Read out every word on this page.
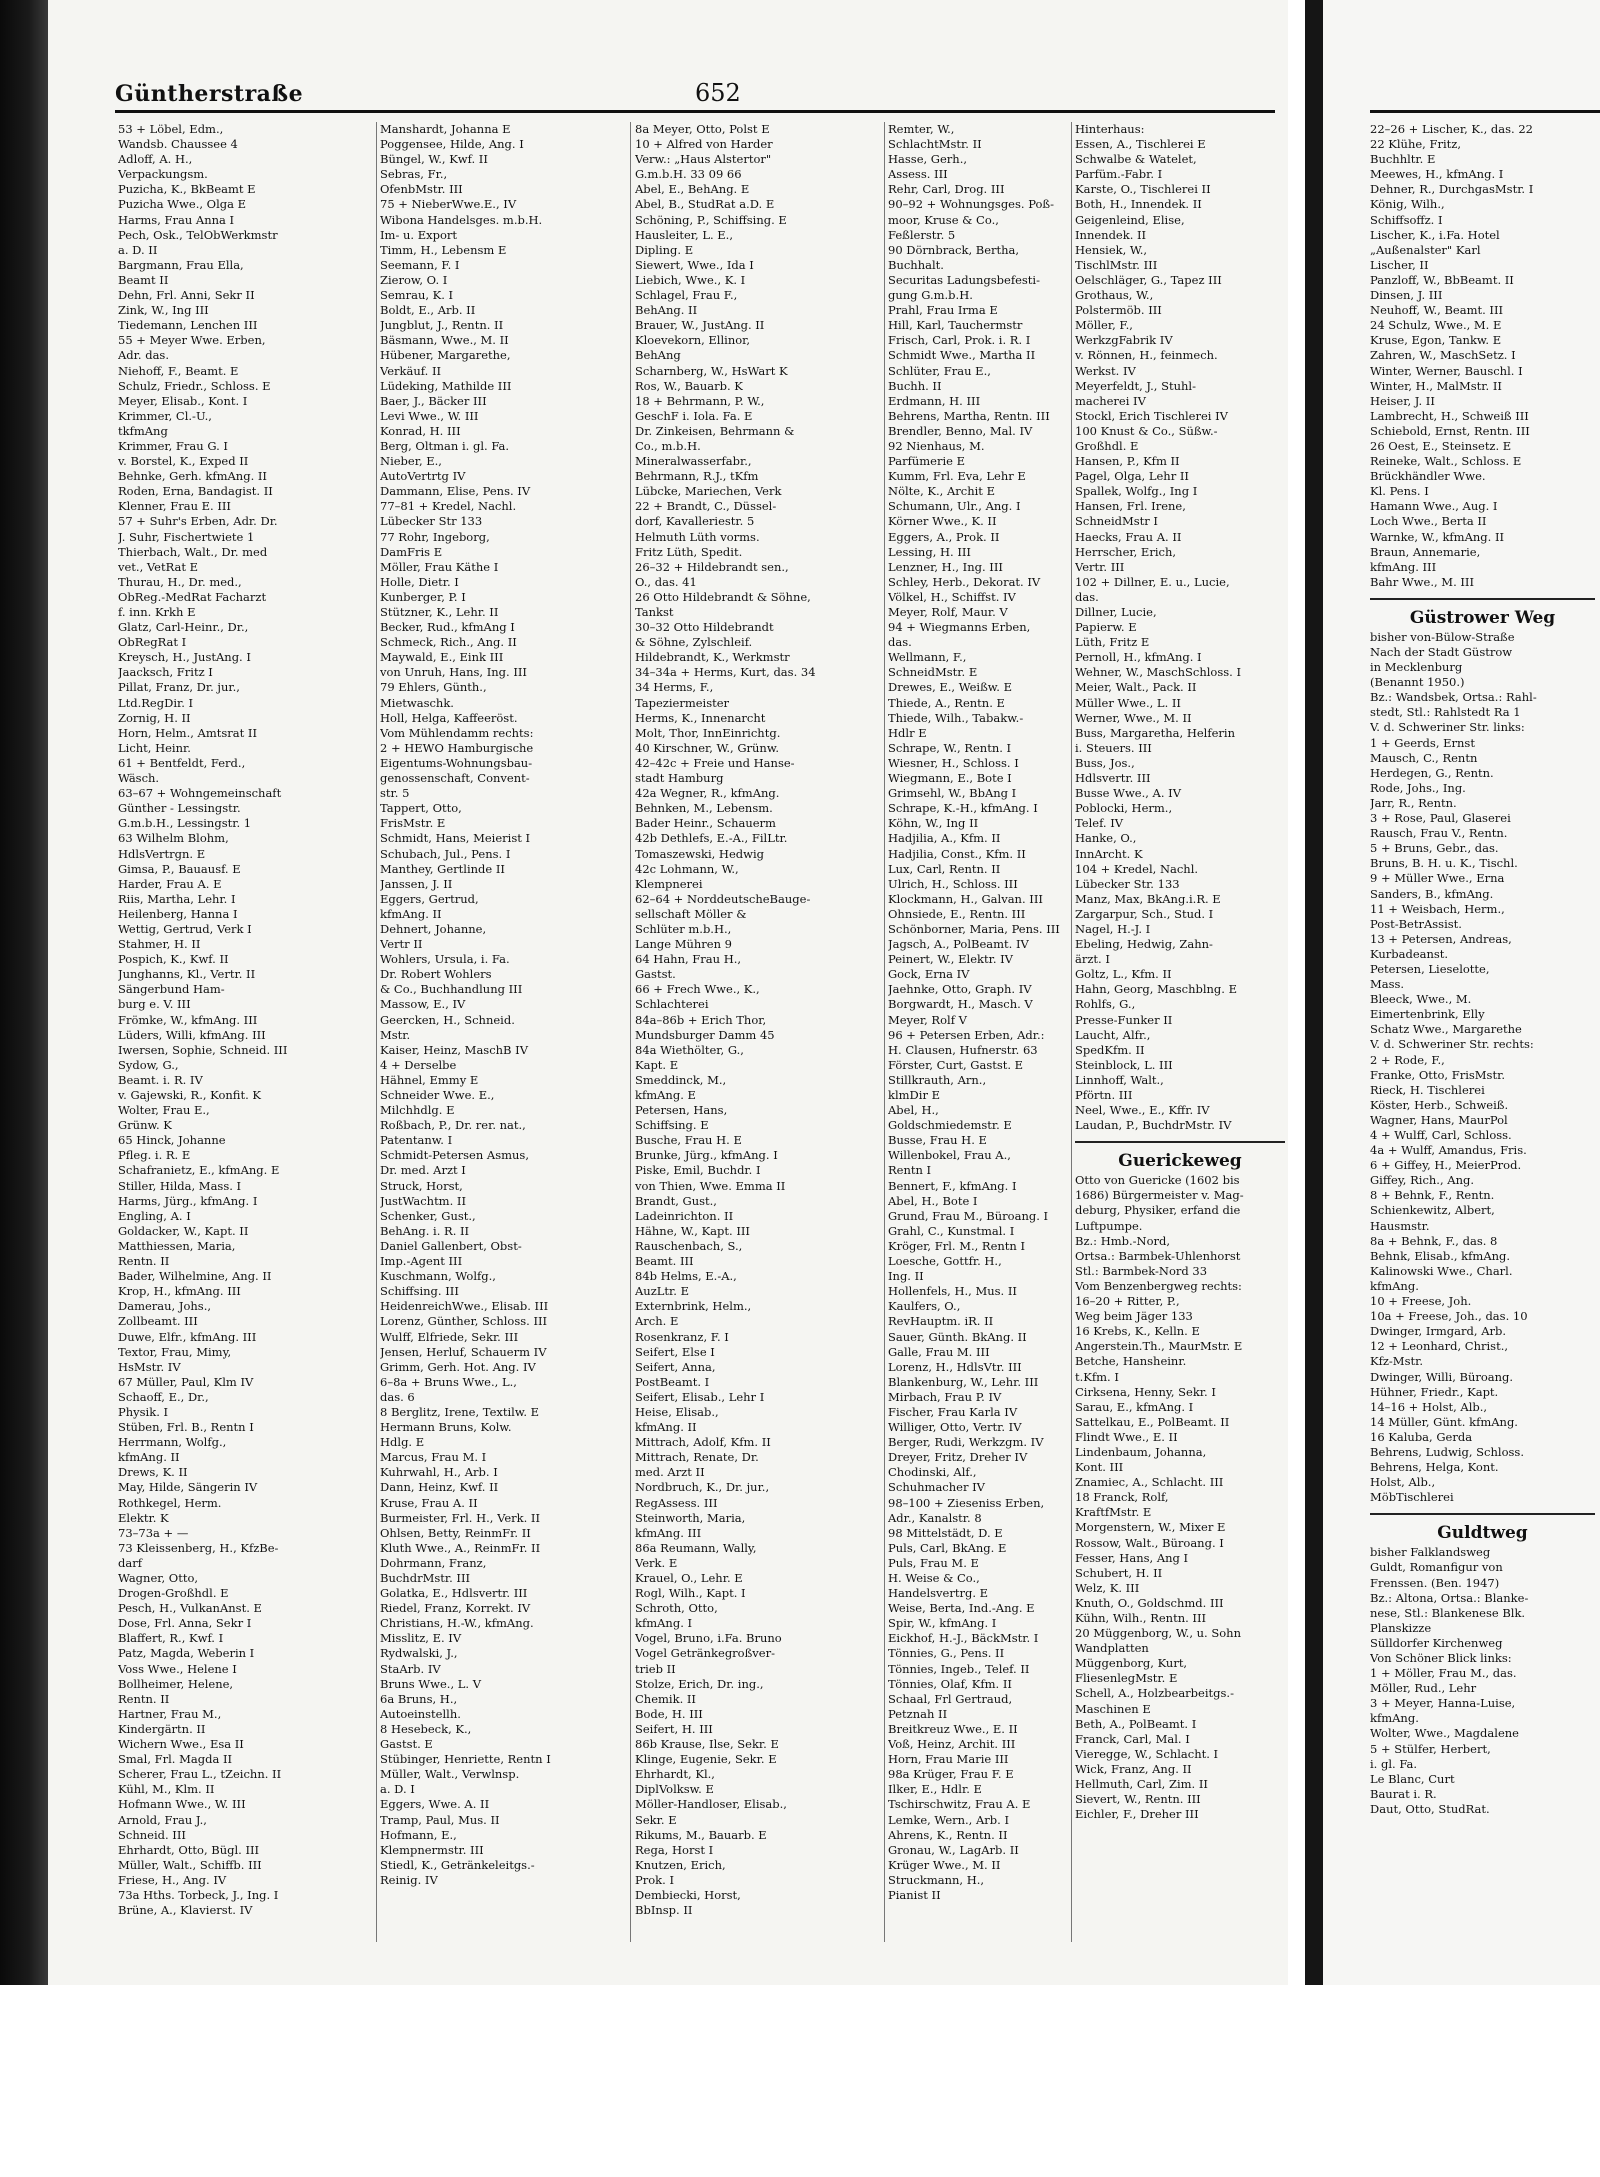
Güntherstraße	652
53 + Löbel, Edm.,
Wandsb. Chaussee 4
Adloff, A. H.,
Verpackungsm.
Puzicha, K., BkBeamt E
Puzicha Wwe., Olga E
Harms, Frau Anna I
Pech, Osk., TelObWerkmstr
a. D. II
Bargmann, Frau Ella,
Beamt II
Dehn, Frl. Anni, Sekr II
Zink, W., Ing III
Tiedemann, Lenchen III
55 + Meyer Wwe. Erben,
Adr. das.
Niehoff, F., Beamt. E
Schulz, Friedr., Schloss. E
Meyer, Elisab., Kont. I
Krimmer, Cl.-U.,
tkfmAng
Krimmer, Frau G. I
v. Borstel, K., Exped II
Behnke, Gerh. kfmAng. II
Roden, Erna, Bandagist. II
Klenner, Frau E. III
57 + Suhr's Erben, Adr. Dr.
J. Suhr, Fischertwiete 1
Thierbach, Walt., Dr. med
vet., VetRat E
Thurau, H., Dr. med.,
ObReg.-MedRat Facharzt
f. inn. Krkh E
Glatz, Carl-Heinr., Dr.,
ObRegRat I
Kreysch, H., JustAng. I
Jaacksch, Fritz I
Pillat, Franz, Dr. jur.,
Ltd.RegDir. I
Zornig, H. II
Horn, Helm., Amtsrat II
Licht, Heinr.
61 + Bentfeldt, Ferd.,
Wäsch.
63–67 + Wohngemeinschaft
Günther - Lessingstr.
G.m.b.H., Lessingstr. 1
63 Wilhelm Blohm,
HdlsVertrgn. E
Gimsa, P., Bauausf. E
Harder, Frau A. E
Riis, Martha, Lehr. I
Heilenberg, Hanna I
Wettig, Gertrud, Verk I
Stahmer, H. II
Pospich, K., Kwf. II
Junghanns, Kl., Vertr. II
Sängerbund Ham-
burg e. V. III
Frömke, W., kfmAng. III
Lüders, Willi, kfmAng. III
Iwersen, Sophie, Schneid. III
Sydow, G.,
Beamt. i. R. IV
v. Gajewski, R., Konfit. K
Wolter, Frau E.,
Grünw. K
65 Hinck, Johanne
Pfleg. i. R. E
Schafranietz, E., kfmAng. E
Stiller, Hilda, Mass. I
Harms, Jürg., kfmAng. I
Engling, A. I
Goldacker, W., Kapt. II
Matthiessen, Maria,
Rentn. II
Bader, Wilhelmine, Ang. II
Krop, H., kfmAng. III
Damerau, Johs.,
Zollbeamt. III
Duwe, Elfr., kfmAng. III
Textor, Frau, Mimy,
HsMstr. IV
67 Müller, Paul, Klm IV
Schaoff, E., Dr.,
Physik. I
Stüben, Frl. B., Rentn I
Herrmann, Wolfg.,
kfmAng. II
Drews, K. II
May, Hilde, Sängerin IV
Rothkegel, Herm.
Elektr. K
73–73a + —
73 Kleissenberg, H., KfzBe-
darf
Wagner, Otto,
Drogen-Großhdl. E
Pesch, H., VulkanAnst. E
Dose, Frl. Anna, Sekr I
Blaffert, R., Kwf. I
Patz, Magda, Weberin I
Voss Wwe., Helene I
Bollheimer, Helene,
Rentn. II
Hartner, Frau M.,
Kindergärtn. II
Wichern Wwe., Esa II
Smal, Frl. Magda II
Scherer, Frau L., tZeichn. II
Kühl, M., Klm. II
Hofmann Wwe., W. III
Arnold, Frau J.,
Schneid. III
Ehrhardt, Otto, Bügl. III
Müller, Walt., Schiffb. III
Friese, H., Ang. IV
73a Hths. Torbeck, J., Ing. I
Brüne, A., Klavierst. IV
Manshardt, Johanna E
Poggensee, Hilde, Ang. I
Büngel, W., Kwf. II
Sebras, Fr.,
OfenbMstr. III
75 + NieberWwe.E., IV
Wibona Handelsges. m.b.H.
Im- u. Export
Timm, H., Lebensm E
Seemann, F. I
Zierow, O. I
Semrau, K. I
Boldt, E., Arb. II
Jungblut, J., Rentn. II
Bäsmann, Wwe., M. II
Hübener, Margarethe,
Verkäuf. II
Lüdeking, Mathilde III
Baer, J., Bäcker III
Levi Wwe., W. III
Konrad, H. III
Berg, Oltman i. gl. Fa.
Nieber, E.,
AutoVertrtg IV
Dammann, Elise, Pens. IV
77–81 + Kredel, Nachl.
Lübecker Str 133
77 Rohr, Ingeborg,
DamFris E
Möller, Frau Käthe I
Holle, Dietr. I
Kunberger, P. I
Stützner, K., Lehr. II
Becker, Rud., kfmAng I
Schmeck, Rich., Ang. II
Maywald, E., Eink III
von Unruh, Hans, Ing. III
79 Ehlers, Günth.,
Mietwaschk.
Holl, Helga, Kaffeeröst.
Vom Mühlendamm rechts:
2 + HEWO Hamburgische
Eigentums-Wohnungsbau-
genossenschaft, Convent-
str. 5
Tappert, Otto,
FrisMstr. E
Schmidt, Hans, Meierist I
Schubach, Jul., Pens. I
Manthey, Gertlinde II
Janssen, J. II
Eggers, Gertrud,
kfmAng. II
Dehnert, Johanne,
Vertr II
Wohlers, Ursula, i. Fa.
Dr. Robert Wohlers
& Co., Buchhandlung III
Massow, E., IV
Geercken, H., Schneid.
Mstr.
Kaiser, Heinz, MaschB IV
4 + Derselbe
Hähnel, Emmy E
Schneider Wwe. E.,
Milchhdlg. E
Roßbach, P., Dr. rer. nat.,
Patentanw. I
Schmidt-Petersen Asmus,
Dr. med. Arzt I
Struck, Horst,
JustWachtm. II
Schenker, Gust.,
BehAng. i. R. II
Daniel Gallenbert, Obst-
Imp.-Agent III
Kuschmann, Wolfg.,
Schiffsing. III
HeidenreichWwe., Elisab. III
Lorenz, Günther, Schloss. III
Wulff, Elfriede, Sekr. III
Jensen, Herluf, Schauerm IV
Grimm, Gerh. Hot. Ang. IV
6–8a + Bruns Wwe., L.,
das. 6
8 Berglitz, Irene, Textilw. E
Hermann Bruns, Kolw.
Hdlg. E
Marcus, Frau M. I
Kuhrwahl, H., Arb. I
Dann, Heinz, Kwf. II
Kruse, Frau A. II
Burmeister, Frl. H., Verk. II
Ohlsen, Betty, ReinmFr. II
Kluth Wwe., A., ReinmFr. II
Dohrmann, Franz,
BuchdrMstr. III
Golatka, E., Hdlsvertr. III
Riedel, Franz, Korrekt. IV
Christians, H.-W., kfmAng.
Misslitz, E. IV
Rydwalski, J.,
StaArb. IV
Bruns Wwe., L. V
6a Bruns, H.,
Autoeinstellh.
8 Hesebeck, K.,
Gastst. E
Stübinger, Henriette, Rentn I
Müller, Walt., Verwlnsp.
a. D. I
Eggers, Wwe. A. II
Tramp, Paul, Mus. II
Hofmann, E.,
Klempnermstr. III
Stiedl, K., Getränkeleitgs.-
Reinig. IV
8a Meyer, Otto, Polst E
10 + Alfred von Harder
Verw.: „Haus Alstertor"
G.m.b.H. 33 09 66
Abel, E., BehAng. E
Abel, B., StudRat a.D. E
Schöning, P., Schiffsing. E
Hausleiter, L. E.,
Dipling. E
Siewert, Wwe., Ida I
Liebich, Wwe., K. I
Schlagel, Frau F.,
BehAng. II
Brauer, W., JustAng. II
Kloevekorn, Ellinor,
BehAng
Scharnberg, W., HsWart K
Ros, W., Bauarb. K
18 + Behrmann, P. W.,
GeschF i. Iola. Fa. E
Dr. Zinkeisen, Behrmann &
Co., m.b.H.
Mineralwasserfabr.,
Behrmann, R.J., tKfm
Lübcke, Mariechen, Verk
22 + Brandt, C., Düssel-
dorf, Kavalleriestr. 5
Helmuth Lüth vorms.
Fritz Lüth, Spedit.
26–32 + Hildebrandt sen.,
O., das. 41
26 Otto Hildebrandt & Söhne,
Tankst
30–32 Otto Hildebrandt
& Söhne, Zylschleif.
Hildebrandt, K., Werkmstr
34–34a + Herms, Kurt, das. 34
34 Herms, F.,
Tapeziermeister
Herms, K., Innenarcht
Molt, Thor, InnEinrichtg.
40 Kirschner, W., Grünw.
42–42c + Freie und Hanse-
stadt Hamburg
42a Wegner, R., kfmAng.
Behnken, M., Lebensm.
Bader Heinr., Schauerm
42b Dethlefs, E.-A., FilLtr.
Tomaszewski, Hedwig
42c Lohmann, W.,
Klempnerei
62–64 + NorddeutscheBauge-
sellschaft Möller &
Schlüter m.b.H.,
Lange Mühren 9
64 Hahn, Frau H.,
Gastst.
66 + Frech Wwe., K.,
Schlachterei
84a–86b + Erich Thor,
Mundsburger Damm 45
84a Wiethölter, G.,
Kapt. E
Smeddinck, M.,
kfmAng. E
Petersen, Hans,
Schiffsing. E
Busche, Frau H. E
Brunke, Jürg., kfmAng. I
Piske, Emil, Buchdr. I
von Thien, Wwe. Emma II
Brandt, Gust.,
Ladeinrichton. II
Hähne, W., Kapt. III
Rauschenbach, S.,
Beamt. III
84b Helms, E.-A.,
AuzLtr. E
Externbrink, Helm.,
Arch. E
Rosenkranz, F. I
Seifert, Else I
Seifert, Anna,
PostBeamt. I
Seifert, Elisab., Lehr I
Heise, Elisab.,
kfmAng. II
Mittrach, Adolf, Kfm. II
Mittrach, Renate, Dr.
med. Arzt II
Nordbruch, K., Dr. jur.,
RegAssess. III
Steinworth, Maria,
kfmAng. III
86a Reumann, Wally,
Verk. E
Krauel, O., Lehr. E
Rogl, Wilh., Kapt. I
Schroth, Otto,
kfmAng. I
Vogel, Bruno, i.Fa. Bruno
Vogel Getränkegroßver-
trieb II
Stolze, Erich, Dr. ing.,
Chemik. II
Bode, H. III
Seifert, H. III
86b Krause, Ilse, Sekr. E
Klinge, Eugenie, Sekr. E
Ehrhardt, Kl.,
DiplVolksw. E
Möller-Handloser, Elisab.,
Sekr. E
Rikums, M., Bauarb. E
Rega, Horst I
Knutzen, Erich,
Prok. I
Dembiecki, Horst,
BbInsp. II
22–26 + Lischer, K., das. 22
22 Klühe, Fritz,
Buchhltr. E
Meewes, H., kfmAng. I
Dehner, R., DurchgasMstr. I
König, Wilh.,
Schiffsoffz. I
Lischer, K., i.Fa. Hotel
„Außenalster" Karl
Lischer, II
Panzloff, W., BbBeamt. II
Dinsen, J. III
Neuhoff, W., Beamt. III
24 Schulz, Wwe., M. E
Kruse, Egon, Tankw. E
Zahren, W., MaschSetz. I
Winter, Werner, Bauschl. I
Winter, H., MalMstr. II
Heiser, J. II
Lambrecht, H., Schweiß III
Schiebold, Ernst, Rentn. III
26 Oest, E., Steinsetz. E
Reineke, Walt., Schloss. E
Brückhändler Wwe.
Kl. Pens. I
Hamann Wwe., Aug. I
Loch Wwe., Berta II
Warnke, W., kfmAng. II
Braun, Annemarie,
kfmAng. III
Bahr Wwe., M. III
Güstrower Weg
bisher von-Bülow-Straße
Nach der Stadt Güstrow
in Mecklenburg
(Benannt 1950.)
Bz.: Wandsbek, Ortsa.: Rahl-
stedt, Stl.: Rahlstedt Ra 1
V. d. Schweriner Str. links:
1 + Geerds, Ernst
Mausch, C., Rentn
Herdegen, G., Rentn.
Rode, Johs., Ing.
Jarr, R., Rentn.
3 + Rose, Paul, Glaserei
Rausch, Frau V., Rentn.
5 + Bruns, Gebr., das.
Bruns, B. H. u. K., Tischl.
9 + Müller Wwe., Erna
Sanders, B., kfmAng.
11 + Weisbach, Herm.,
Post-BetrAssist.
13 + Petersen, Andreas,
Kurbadeanst.
Petersen, Lieselotte,
Mass.
Bleeck, Wwe., M.
Eimertenbrink, Elly
Schatz Wwe., Margarethe
V. d. Schweriner Str. rechts:
2 + Rode, F.,
Franke, Otto, FrisMstr.
Rieck, H. Tischlerei
Köster, Herb., Schweiß.
Wagner, Hans, MaurPol
4 + Wulff, Carl, Schloss.
4a + Wulff, Amandus, Fris.
6 + Giffey, H., MeierProd.
Giffey, Rich., Ang.
8 + Behnk, F., Rentn.
Schienkewitz, Albert,
Hausmstr.
8a + Behnk, F., das. 8
Behnk, Elisab., kfmAng.
Kalinowski Wwe., Charl.
kfmAng.
10 + Freese, Joh.
10a + Freese, Joh., das. 10
Dwinger, Irmgard, Arb.
12 + Leonhard, Christ.,
Kfz-Mstr.
Dwinger, Willi, Büroang.
Hühner, Friedr., Kapt.
14–16 + Holst, Alb.,
14 Müller, Günt. kfmAng.
16 Kaluba, Gerda
Behrens, Ludwig, Schloss.
Behrens, Helga, Kont.
Holst, Alb.,
MöbTischlerei
Guldtweg
bisher Falklandsweg
Guldt, Romanfigur von
Frenssen. (Ben. 1947)
Bz.: Altona, Ortsa.: Blanke-
nese, Stl.: Blankenese Blk.
Planskizze
Sülldorfer Kirchenweg
Von Schöner Blick links:
1 + Möller, Frau M., das.
Möller, Rud., Lehr
3 + Meyer, Hanna-Luise,
kfmAng.
Wolter, Wwe., Magdalene
5 + Stülfer, Herbert,
i. gl. Fa.
Le Blanc, Curt
Baurat i. R.
Daut, Otto, StudRat.
Remter, W.,
SchlachtMstr. II
Hasse, Gerh.,
Assess. III
Rehr, Carl, Drog. III
90–92 + Wohnungsges. Poß-
moor, Kruse & Co.,
Feßlerstr. 5
90 Dörnbrack, Bertha,
Buchhalt.
Securitas Ladungsbefesti-
gung G.m.b.H.
Prahl, Frau Irma E
Hill, Karl, Tauchermstr
Frisch, Carl, Prok. i. R. I
Schmidt Wwe., Martha II
Schlüter, Frau E.,
Buchh. II
Erdmann, H. III
Behrens, Martha, Rentn. III
Brendler, Benno, Mal. IV
92 Nienhaus, M.
Parfümerie E
Kumm, Frl. Eva, Lehr E
Nölte, K., Archit E
Schumann, Ulr., Ang. I
Körner Wwe., K. II
Eggers, A., Prok. II
Lessing, H. III
Lenzner, H., Ing. III
Schley, Herb., Dekorat. IV
Völkel, H., Schiffst. IV
Meyer, Rolf, Maur. V
94 + Wiegmanns Erben,
das.
Wellmann, F.,
SchneidMstr. E
Drewes, E., Weißw. E
Thiede, A., Rentn. E
Thiede, Wilh., Tabakw.-
Hdlr E
Schrape, W., Rentn. I
Wiesner, H., Schloss. I
Wiegmann, E., Bote I
Grimsehl, W., BbAng I
Schrape, K.-H., kfmAng. I
Köhn, W., Ing II
Hadjilia, A., Kfm. II
Hadjilia, Const., Kfm. II
Lux, Carl, Rentn. II
Ulrich, H., Schloss. III
Klockmann, H., Galvan. III
Ohnsiede, E., Rentn. III
Schönborner, Maria, Pens. III
Jagsch, A., PolBeamt. IV
Peinert, W., Elektr. IV
Gock, Erna IV
Jaehnke, Otto, Graph. IV
Borgwardt, H., Masch. V
Meyer, Rolf V
96 + Petersen Erben, Adr.:
H. Clausen, Hufnerstr. 63
Förster, Curt, Gastst. E
Stillkrauth, Arn.,
klmDir E
Abel, H.,
Goldschmiedemstr. E
Busse, Frau H. E
Willenbokel, Frau A.,
Rentn I
Bennert, F., kfmAng. I
Abel, H., Bote I
Grund, Frau M., Büroang. I
Grahl, C., Kunstmal. I
Kröger, Frl. M., Rentn I
Loesche, Gottfr. H.,
Ing. II
Hollenfels, H., Mus. II
Kaulfers, O.,
RevHauptm. iR. II
Sauer, Günth. BkAng. II
Galle, Frau M. III
Lorenz, H., HdlsVtr. III
Blankenburg, W., Lehr. III
Mirbach, Frau P. IV
Fischer, Frau Karla IV
Williger, Otto, Vertr. IV
Berger, Rudi, Werkzgm. IV
Dreyer, Fritz, Dreher IV
Chodinski, Alf.,
Schuhmacher IV
98–100 + Zieseniss Erben,
Adr., Kanalstr. 8
98 Mittelstädt, D. E
Puls, Carl, BkAng. E
Puls, Frau M. E
H. Weise & Co.,
Handelsvertrg. E
Weise, Berta, Ind.-Ang. E
Spir, W., kfmAng. I
Eickhof, H.-J., BäckMstr. I
Tönnies, G., Pens. II
Tönnies, Ingeb., Telef. II
Tönnies, Olaf, Kfm. II
Schaal, Frl Gertraud,
Petznah II
Breitkreuz Wwe., E. II
Voß, Heinz, Archit. III
Horn, Frau Marie III
98a Krüger, Frau F. E
Ilker, E., Hdlr. E
Tschirschwitz, Frau A. E
Lemke, Wern., Arb. I
Ahrens, K., Rentn. II
Gronau, W., LagArb. II
Krüger Wwe., M. II
Struckmann, H.,
Pianist II
Hinterhaus:
Essen, A., Tischlerei E
Schwalbe & Watelet,
Parfüm.-Fabr. I
Karste, O., Tischlerei II
Both, H., Innendek. II
Geigenleind, Elise,
Innendek. II
Hensiek, W.,
TischlMstr. III
Oelschläger, G., Tapez III
Grothaus, W.,
Polstermöb. III
Möller, F.,
WerkzgFabrik IV
v. Rönnen, H., feinmech.
Werkst. IV
Meyerfeldt, J., Stuhl-
macherei IV
Stockl, Erich Tischlerei IV
100 Knust & Co., Süßw.-
Großhdl. E
Hansen, P., Kfm II
Pagel, Olga, Lehr II
Spallek, Wolfg., Ing I
Hansen, Frl. Irene,
SchneidMstr I
Haecks, Frau A. II
Herrscher, Erich,
Vertr. III
102 + Dillner, E. u., Lucie,
das.
Dillner, Lucie,
Papierw. E
Lüth, Fritz E
Pernoll, H., kfmAng. I
Wehner, W., MaschSchloss. I
Meier, Walt., Pack. II
Müller Wwe., L. II
Werner, Wwe., M. II
Buss, Margaretha, Helferin
i. Steuers. III
Buss, Jos.,
Hdlsvertr. III
Busse Wwe., A. IV
Poblocki, Herm.,
Telef. IV
Hanke, O.,
InnArcht. K
104 + Kredel, Nachl.
Lübecker Str. 133
Manz, Max, BkAng.i.R. E
Zargarpur, Sch., Stud. I
Nagel, H.-J. I
Ebeling, Hedwig, Zahn-
ärzt. I
Goltz, L., Kfm. II
Hahn, Georg, Maschblng. E
Rohlfs, G.,
Presse-Funker II
Laucht, Alfr.,
SpedKfm. II
Steinblock, L. III
Linnhoff, Walt.,
Pförtn. III
Neel, Wwe., E., Kffr. IV
Laudan, P., BuchdrMstr. IV
Guerickeweg
Otto von Guericke (1602 bis
1686) Bürgermeister v. Mag-
deburg, Physiker, erfand die
Luftpumpe.
Bz.: Hmb.-Nord,
Ortsa.: Barmbek-Uhlenhorst
Stl.: Barmbek-Nord 33
Vom Benzenbergweg rechts:
16–20 + Ritter, P.,
Weg beim Jäger 133
16 Krebs, K., Kelln. E
Angerstein.Th., MaurMstr. E
Betche, Hansheinr.
t.Kfm. I
Cirksena, Henny, Sekr. I
Sarau, E., kfmAng. I
Sattelkau, E., PolBeamt. II
Flindt Wwe., E. II
Lindenbaum, Johanna,
Kont. III
Znamiec, A., Schlacht. III
18 Franck, Rolf,
KraftfMstr. E
Morgenstern, W., Mixer E
Rossow, Walt., Büroang. I
Fesser, Hans, Ang I
Schubert, H. II
Welz, K. III
Knuth, O., Goldschmd. III
Kühn, Wilh., Rentn. III
20 Müggenborg, W., u. Sohn
Wandplatten
Müggenborg, Kurt,
FliesenlegMstr. E
Schell, A., Holzbearbeitgs.-
Maschinen E
Beth, A., PolBeamt. I
Franck, Carl, Mal. I
Vieregge, W., Schlacht. I
Wick, Franz, Ang. II
Hellmuth, Carl, Zim. II
Sievert, W., Rentn. III
Eichler, F., Dreher III
